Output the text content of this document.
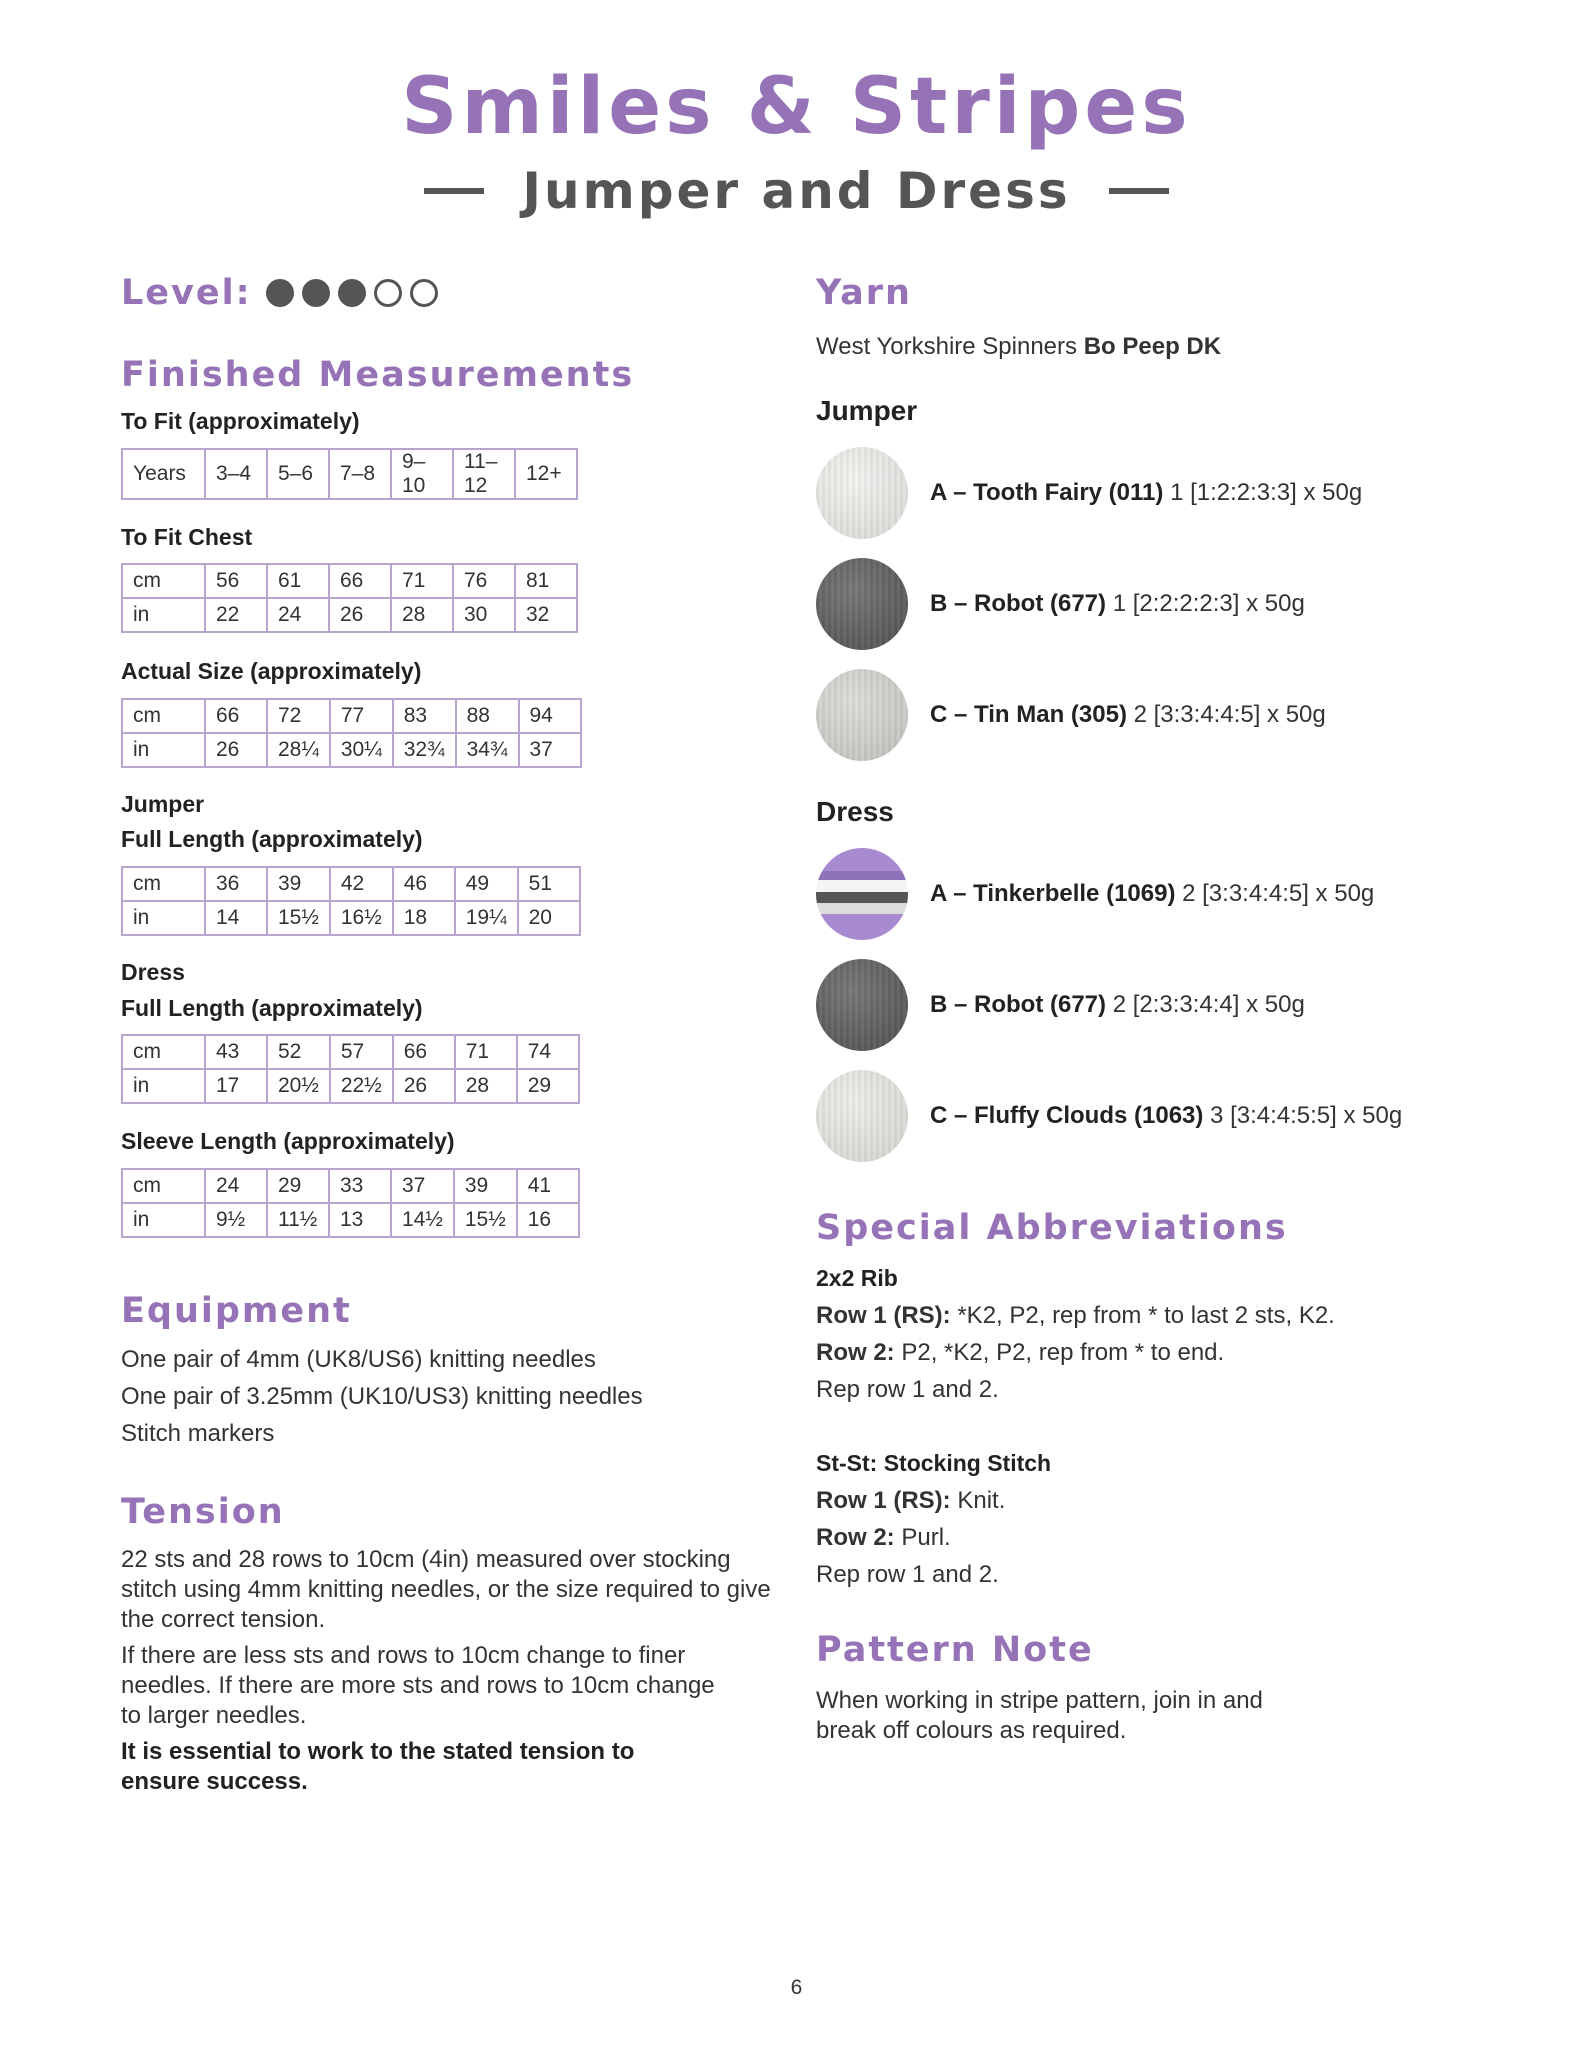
Smiles & Stripes
Jumper and Dress
Level:
Finished Measurements
To Fit (approximately)
Years	3–4	5–6	7–8	9–10	11–12	12+
To Fit Chest
cm	56	61	66	71	76	81
in	22	24	26	28	30	32
Actual Size (approximately)
cm	66	72	77	83	88	94
in	26	28¼	30¼	32¾	34¾	37
Jumper
Full Length (approximately)
cm	36	39	42	46	49	51
in	14	15½	16½	18	19¼	20
Dress
Full Length (approximately)
cm	43	52	57	66	71	74
in	17	20½	22½	26	28	29
Sleeve Length (approximately)
cm	24	29	33	37	39	41
in	9½	11½	13	14½	15½	16
Equipment
One pair of 4mm (UK8/US6) knitting needles
One pair of 3.25mm (UK10/US3) knitting needles
Stitch markers
Tension
22 sts and 28 rows to 10cm (4in) measured over stocking stitch using 4mm knitting needles, or the size required to give the correct tension.
If there are less sts and rows to 10cm change to finer needles. If there are more sts and rows to 10cm change to larger needles.
It is essential to work to the stated tension to ensure success.
Yarn
West Yorkshire Spinners Bo Peep DK
Jumper
A – Tooth Fairy (011) 1 [1:2:2:3:3] x 50g
B – Robot (677) 1 [2:2:2:2:3] x 50g
C – Tin Man (305) 2 [3:3:4:4:5] x 50g
Dress
A – Tinkerbelle (1069) 2 [3:3:4:4:5] x 50g
B – Robot (677) 2 [2:3:3:4:4] x 50g
C – Fluffy Clouds (1063) 3 [3:4:4:5:5] x 50g
Special Abbreviations
2x2 Rib
Row 1 (RS): *K2, P2, rep from * to last 2 sts, K2.
Row 2: P2, *K2, P2, rep from * to end.
Rep row 1 and 2.
St-St: Stocking Stitch
Row 1 (RS): Knit.
Row 2: Purl.
Rep row 1 and 2.
Pattern Note
When working in stripe pattern, join in and break off colours as required.
6
